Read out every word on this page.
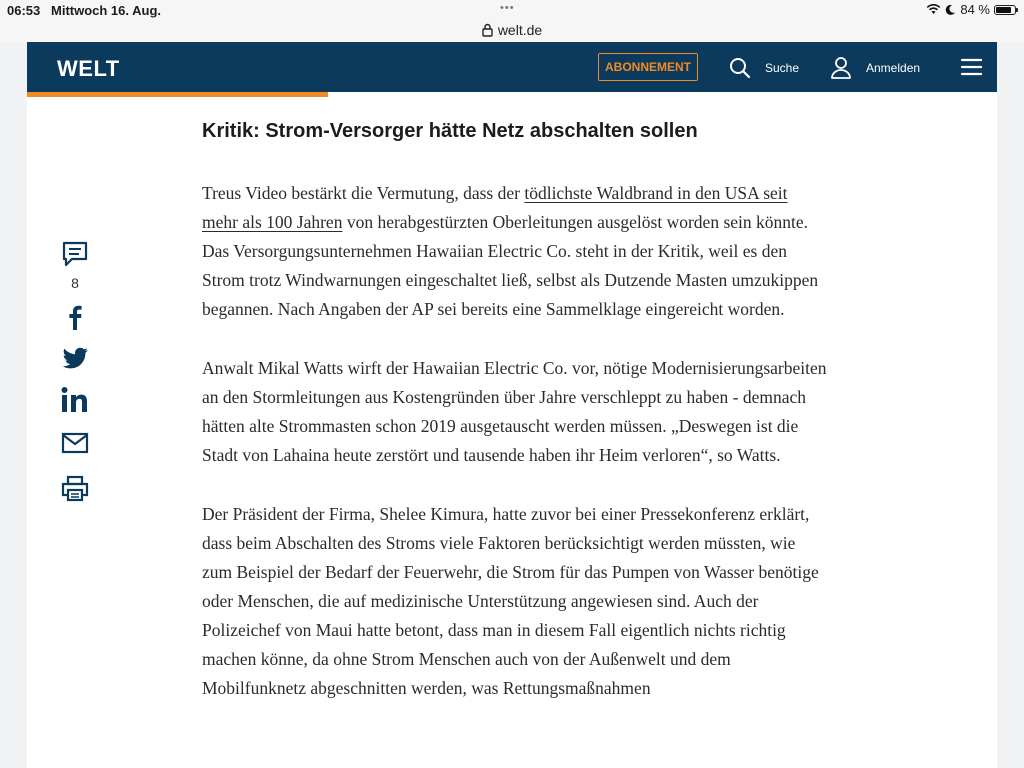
06:53 Mittwoch 16. Aug.	•••
welt.de
84 %
WELT	ABONNEMENT	Suche	Anmelden
8
Kritik: Strom-Versorger hätte Netz abschalten sollen

Treus Video bestärkt die Vermutung, dass der tödlichste Waldbrand in den USA seit mehr als 100 Jahren von herabgestürzten Oberleitungen ausgelöst worden sein könnte. Das Versorgungsunternehmen Hawaiian Electric Co. steht in der Kritik, weil es den Strom trotz Windwarnungen eingeschaltet ließ, selbst als Dutzende Masten umzukippen begannen. Nach Angaben der AP sei bereits eine Sammelklage eingereicht worden.

Anwalt Mikal Watts wirft der Hawaiian Electric Co. vor, nötige Modernisierungsarbeiten an den Stormleitungen aus Kostengründen über Jahre verschleppt zu haben - demnach hätten alte Strommasten schon 2019 ausgetauscht werden müssen. „Deswegen ist die Stadt von Lahaina heute zerstört und tausende haben ihr Heim verloren“, so Watts.

Der Präsident der Firma, Shelee Kimura, hatte zuvor bei einer Pressekonferenz erklärt, dass beim Abschalten des Stroms viele Faktoren berücksichtigt werden müssten, wie zum Beispiel der Bedarf der Feuerwehr, die Strom für das Pumpen von Wasser benötige oder Menschen, die auf medizinische Unterstützung angewiesen sind. Auch der Polizeichef von Maui hatte betont, dass man in diesem Fall eigentlich nichts richtig machen könne, da ohne Strom Menschen auch von der Außenwelt und dem Mobilfunknetz abgeschnitten werden, was Rettungsmaßnahmen
